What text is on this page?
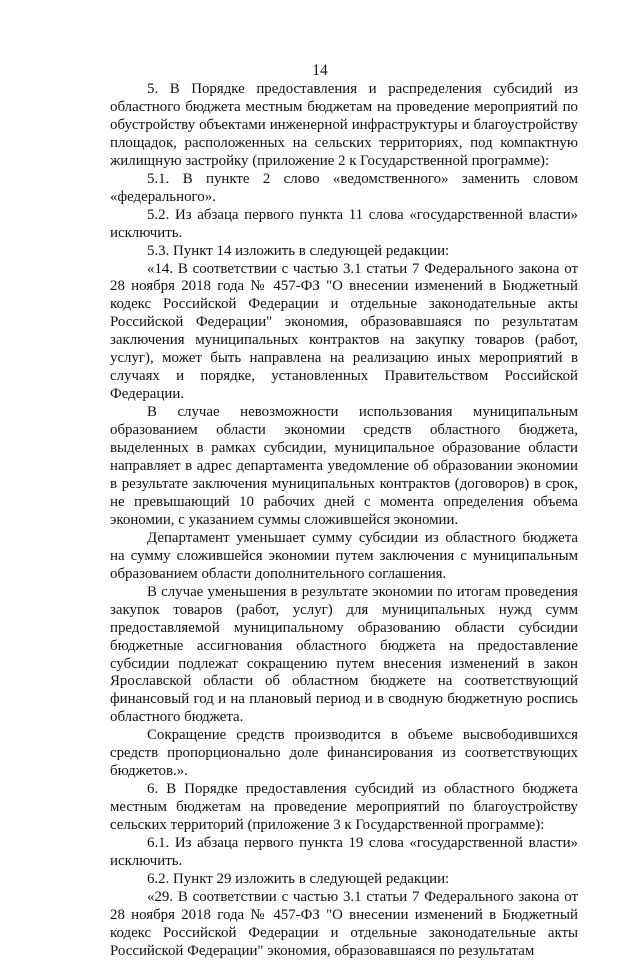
14

5. В Порядке предоставления и распределения субсидий из областного бюджета местным бюджетам на проведение мероприятий по обустройству объектами инженерной инфраструктуры и благоустройству площадок, расположенных на сельских территориях, под компактную жилищную застройку (приложение 2 к Государственной программе):

5.1. В пункте 2 слово «ведомственного» заменить словом «федерального».

5.2. Из абзаца первого пункта 11 слова «государственной власти» исключить.

5.3. Пункт 14 изложить в следующей редакции:

«14. В соответствии с частью 3.1 статьи 7 Федерального закона от 28 ноября 2018 года № 457-ФЗ "О внесении изменений в Бюджетный кодекс Российской Федерации и отдельные законодательные акты Российской Федерации" экономия, образовавшаяся по результатам заключения муниципальных контрактов на закупку товаров (работ, услуг), может быть направлена на реализацию иных мероприятий в случаях и порядке, установленных Правительством Российской Федерации.

В случае невозможности использования муниципальным образованием области экономии средств областного бюджета, выделенных в рамках субсидии, муниципальное образование области направляет в адрес департамента уведомление об образовании экономии в результате заключения муниципальных контрактов (договоров) в срок, не превышающий 10 рабочих дней с момента определения объема экономии, с указанием суммы сложившейся экономии.

Департамент уменьшает сумму субсидии из областного бюджета на сумму сложившейся экономии путем заключения с муниципальным образованием области дополнительного соглашения.

В случае уменьшения в результате экономии по итогам проведения закупок товаров (работ, услуг) для муниципальных нужд сумм предоставляемой муниципальному образованию области субсидии бюджетные ассигнования областного бюджета на предоставление субсидии подлежат сокращению путем внесения изменений в закон Ярославской области об областном бюджете на соответствующий финансовый год и на плановый период и в сводную бюджетную роспись областного бюджета.

Сокращение средств производится в объеме высвободившихся средств пропорционально доле финансирования из соответствующих бюджетов.».

6. В Порядке предоставления субсидий из областного бюджета местным бюджетам на проведение мероприятий по благоустройству сельских территорий (приложение 3 к Государственной программе):

6.1. Из абзаца первого пункта 19 слова «государственной власти» исключить.

6.2. Пункт 29 изложить в следующей редакции:

«29. В соответствии с частью 3.1 статьи 7 Федерального закона от 28 ноября 2018 года № 457-ФЗ "О внесении изменений в Бюджетный кодекс Российской Федерации и отдельные законодательные акты Российской Федерации" экономия, образовавшаяся по результатам
